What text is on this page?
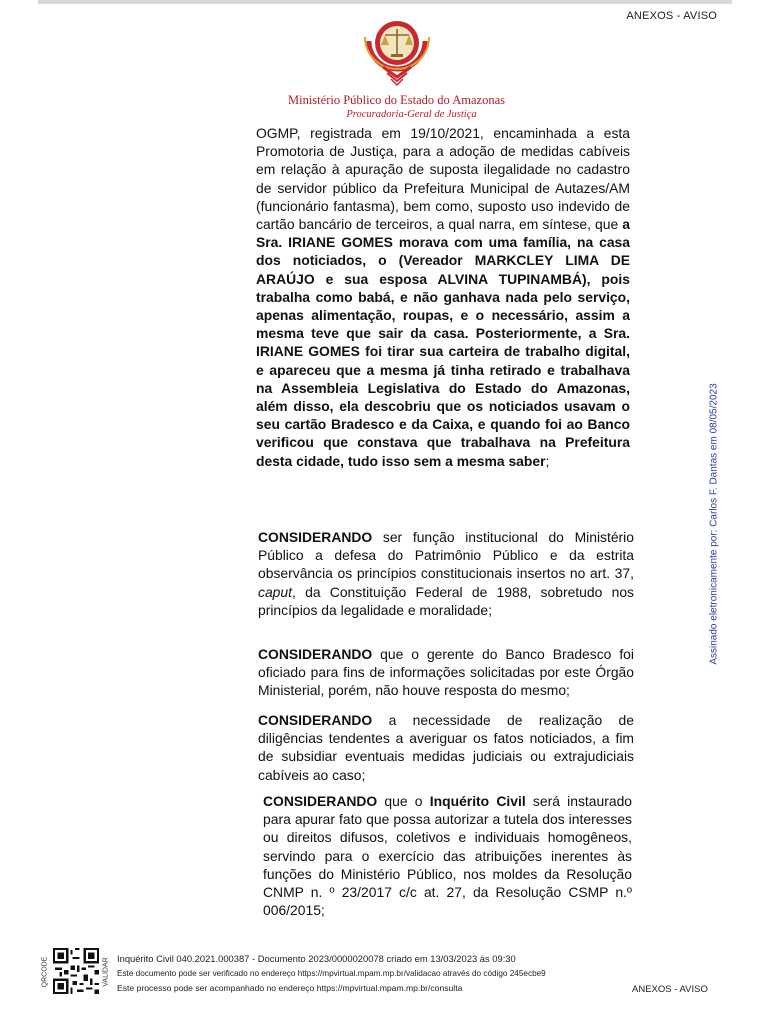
ANEXOS - AVISO
Ministério Público do Estado do Amazonas
Procuradoria-Geral de Justiça
OGMP, registrada em 19/10/2021, encaminhada a esta Promotoria de Justiça, para a adoção de medidas cabíveis em relação à apuração de suposta ilegalidade no cadastro de servidor público da Prefeitura Municipal de Autazes/AM (funcionário fantasma), bem como, suposto uso indevido de cartão bancário de terceiros, a qual narra, em síntese, que a Sra. IRIANE GOMES morava com uma família, na casa dos noticiados, o (Vereador MARKCLEY LIMA DE ARAÚJO e sua esposa ALVINA TUPINAMBÁ), pois trabalha como babá, e não ganhava nada pelo serviço, apenas alimentação, roupas, e o necessário, assim a mesma teve que sair da casa. Posteriormente, a Sra. IRIANE GOMES foi tirar sua carteira de trabalho digital, e apareceu que a mesma já tinha retirado e trabalhava na Assembleia Legislativa do Estado do Amazonas, além disso, ela descobriu que os noticiados usavam o seu cartão Bradesco e da Caixa, e quando foi ao Banco verificou que constava que trabalhava na Prefeitura desta cidade, tudo isso sem a mesma saber;
CONSIDERANDO ser função institucional do Ministério Público a defesa do Patrimônio Público e da estrita observância os princípios constitucionais insertos no art. 37, caput, da Constituição Federal de 1988, sobretudo nos princípios da legalidade e moralidade;
CONSIDERANDO que o gerente do Banco Bradesco foi oficiado para fins de informações solicitadas por este Órgão Ministerial, porém, não houve resposta do mesmo;
CONSIDERANDO a necessidade de realização de diligências tendentes a averiguar os fatos noticiados, a fim de subsidiar eventuais medidas judiciais ou extrajudiciais cabíveis ao caso;
CONSIDERANDO que o Inquérito Civil será instaurado para apurar fato que possa autorizar a tutela dos interesses ou direitos difusos, coletivos e individuais homogêneos, servindo para o exercício das atribuições inerentes às funções do Ministério Público, nos moldes da Resolução CNMP n. º 23/2017 c/c at. 27, da Resolução CSMP n.º 006/2015;
Assinado eletronicamente por: Carlos F. Dantas em 08/05/2023
QRCODE	VALIDAR Inquérito Civil 040.2021.000387 - Documento 2023/0000020078 criado em 13/03/2023 às 09:30
Este documento pode ser verificado no endereço https://mpvirtual.mpam.mp.br/validacao através do código 245ecbe9
Este processo pode ser acompanhado no endereço https://mpvirtual.mpam.mp.br/consulta	ANEXOS - AVISO
